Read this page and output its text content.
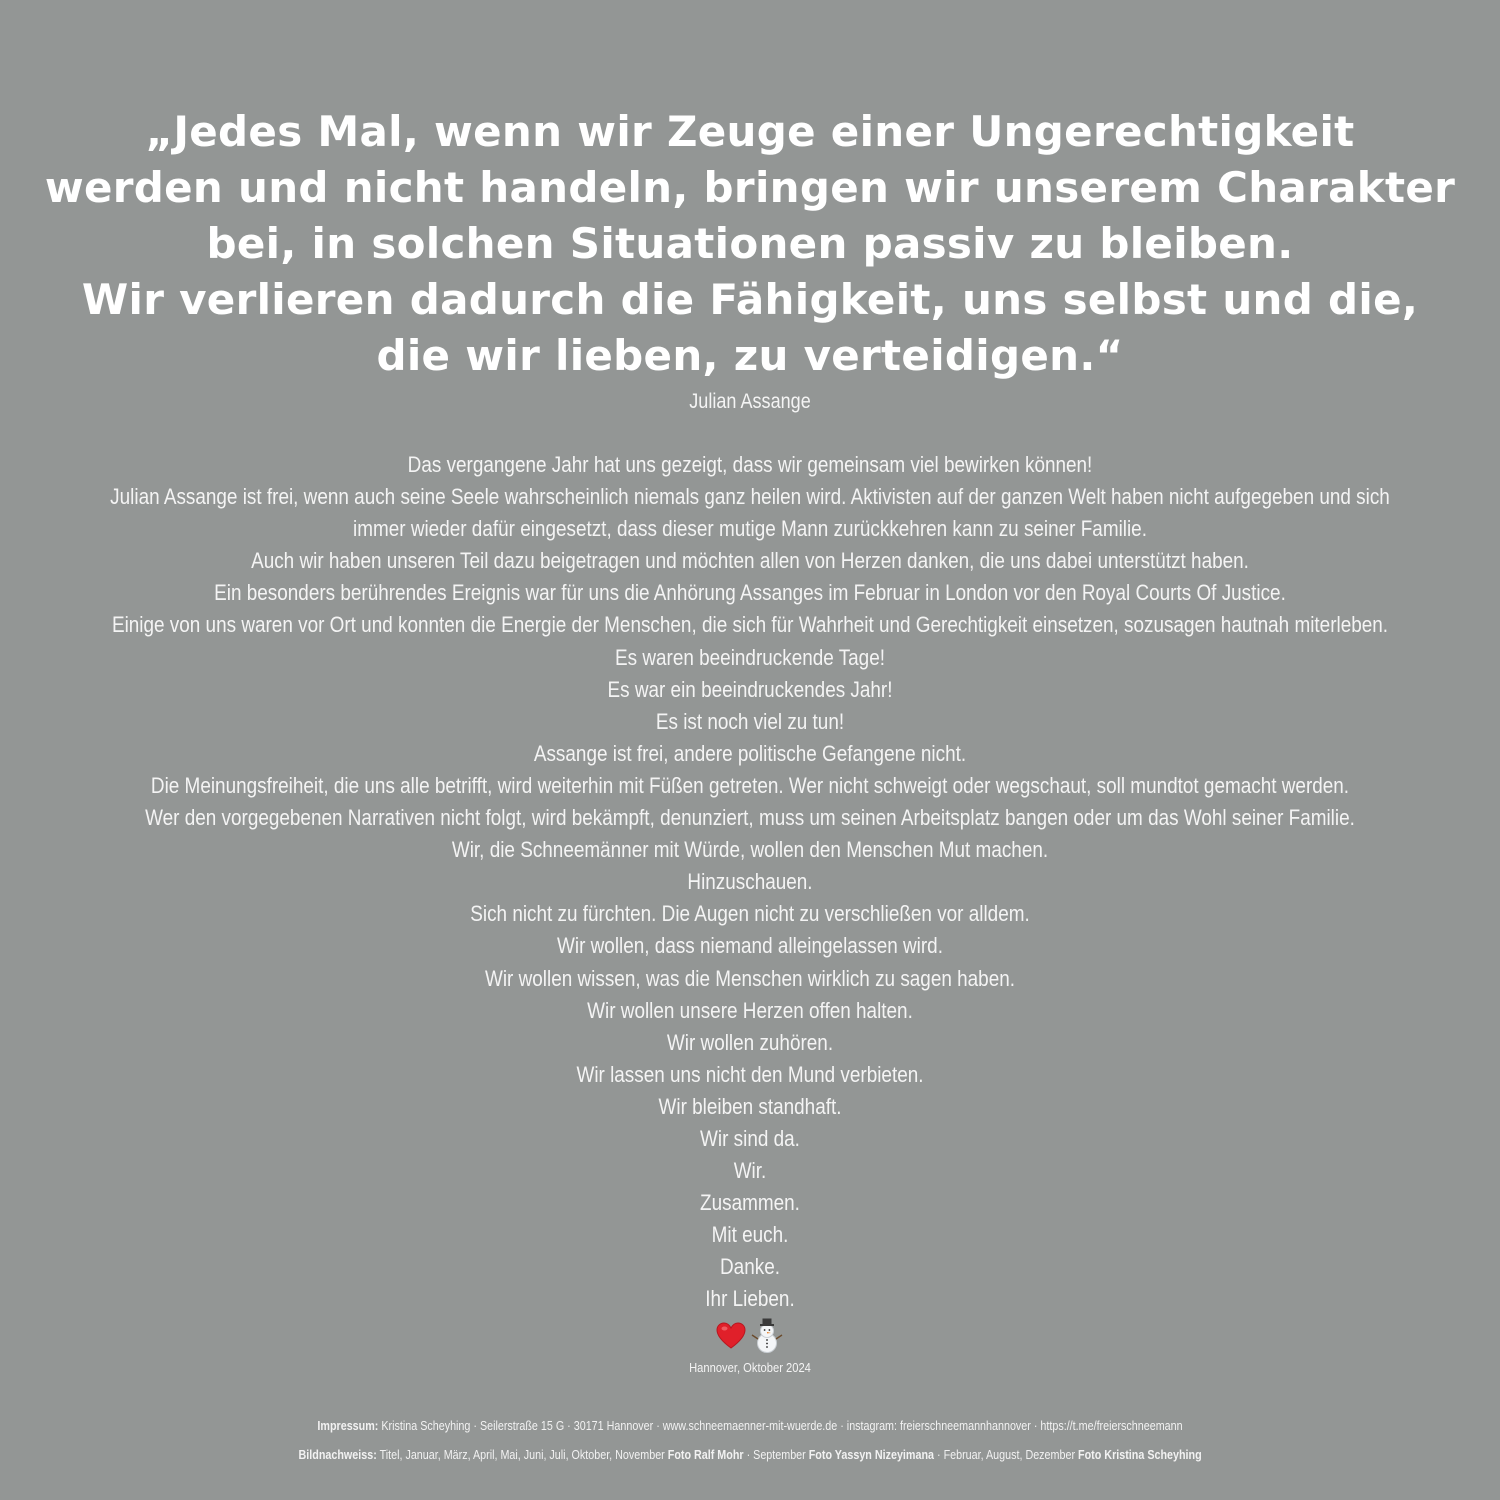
„Jedes Mal, wenn wir Zeuge einer Ungerechtigkeit
werden und nicht handeln, bringen wir unserem Charakter
bei, in solchen Situationen passiv zu bleiben.
Wir verlieren dadurch die Fähigkeit, uns selbst und die,
die wir lieben, zu verteidigen.“
Julian Assange
Das vergangene Jahr hat uns gezeigt, dass wir gemeinsam viel bewirken können!
Julian Assange ist frei, wenn auch seine Seele wahrscheinlich niemals ganz heilen wird. Aktivisten auf der ganzen Welt haben nicht aufgegeben und sich
immer wieder dafür eingesetzt, dass dieser mutige Mann zurückkehren kann zu seiner Familie.
Auch wir haben unseren Teil dazu beigetragen und möchten allen von Herzen danken, die uns dabei unterstützt haben.
Ein besonders berührendes Ereignis war für uns die Anhörung Assanges im Februar in London vor den Royal Courts Of Justice.
Einige von uns waren vor Ort und konnten die Energie der Menschen, die sich für Wahrheit und Gerechtigkeit einsetzen, sozusagen hautnah miterleben.
Es waren beeindruckende Tage!
Es war ein beeindruckendes Jahr!
Es ist noch viel zu tun!
Assange ist frei, andere politische Gefangene nicht.
Die Meinungsfreiheit, die uns alle betrifft, wird weiterhin mit Füßen getreten. Wer nicht schweigt oder wegschaut, soll mundtot gemacht werden.
Wer den vorgegebenen Narrativen nicht folgt, wird bekämpft, denunziert, muss um seinen Arbeitsplatz bangen oder um das Wohl seiner Familie.
Wir, die Schneemänner mit Würde, wollen den Menschen Mut machen.
Hinzuschauen.
Sich nicht zu fürchten. Die Augen nicht zu verschließen vor alldem.
Wir wollen, dass niemand alleingelassen wird.
Wir wollen wissen, was die Menschen wirklich zu sagen haben.
Wir wollen unsere Herzen offen halten.
Wir wollen zuhören.
Wir lassen uns nicht den Mund verbieten.
Wir bleiben standhaft.
Wir sind da.
Wir.
Zusammen.
Mit euch.
Danke.
Ihr Lieben.
Hannover, Oktober 2024
Impressum: Kristina Scheyhing · Seilerstraße 15 G · 30171 Hannover · www.schneemaenner-mit-wuerde.de · instagram: freierschneemannhannover · https://t.me/freierschneemann
Bildnachweiss: Titel, Januar, März, April, Mai, Juni, Juli, Oktober, November Foto Ralf Mohr · September Foto Yassyn Nizeyimana · Februar, August, Dezember Foto Kristina Scheyhing
